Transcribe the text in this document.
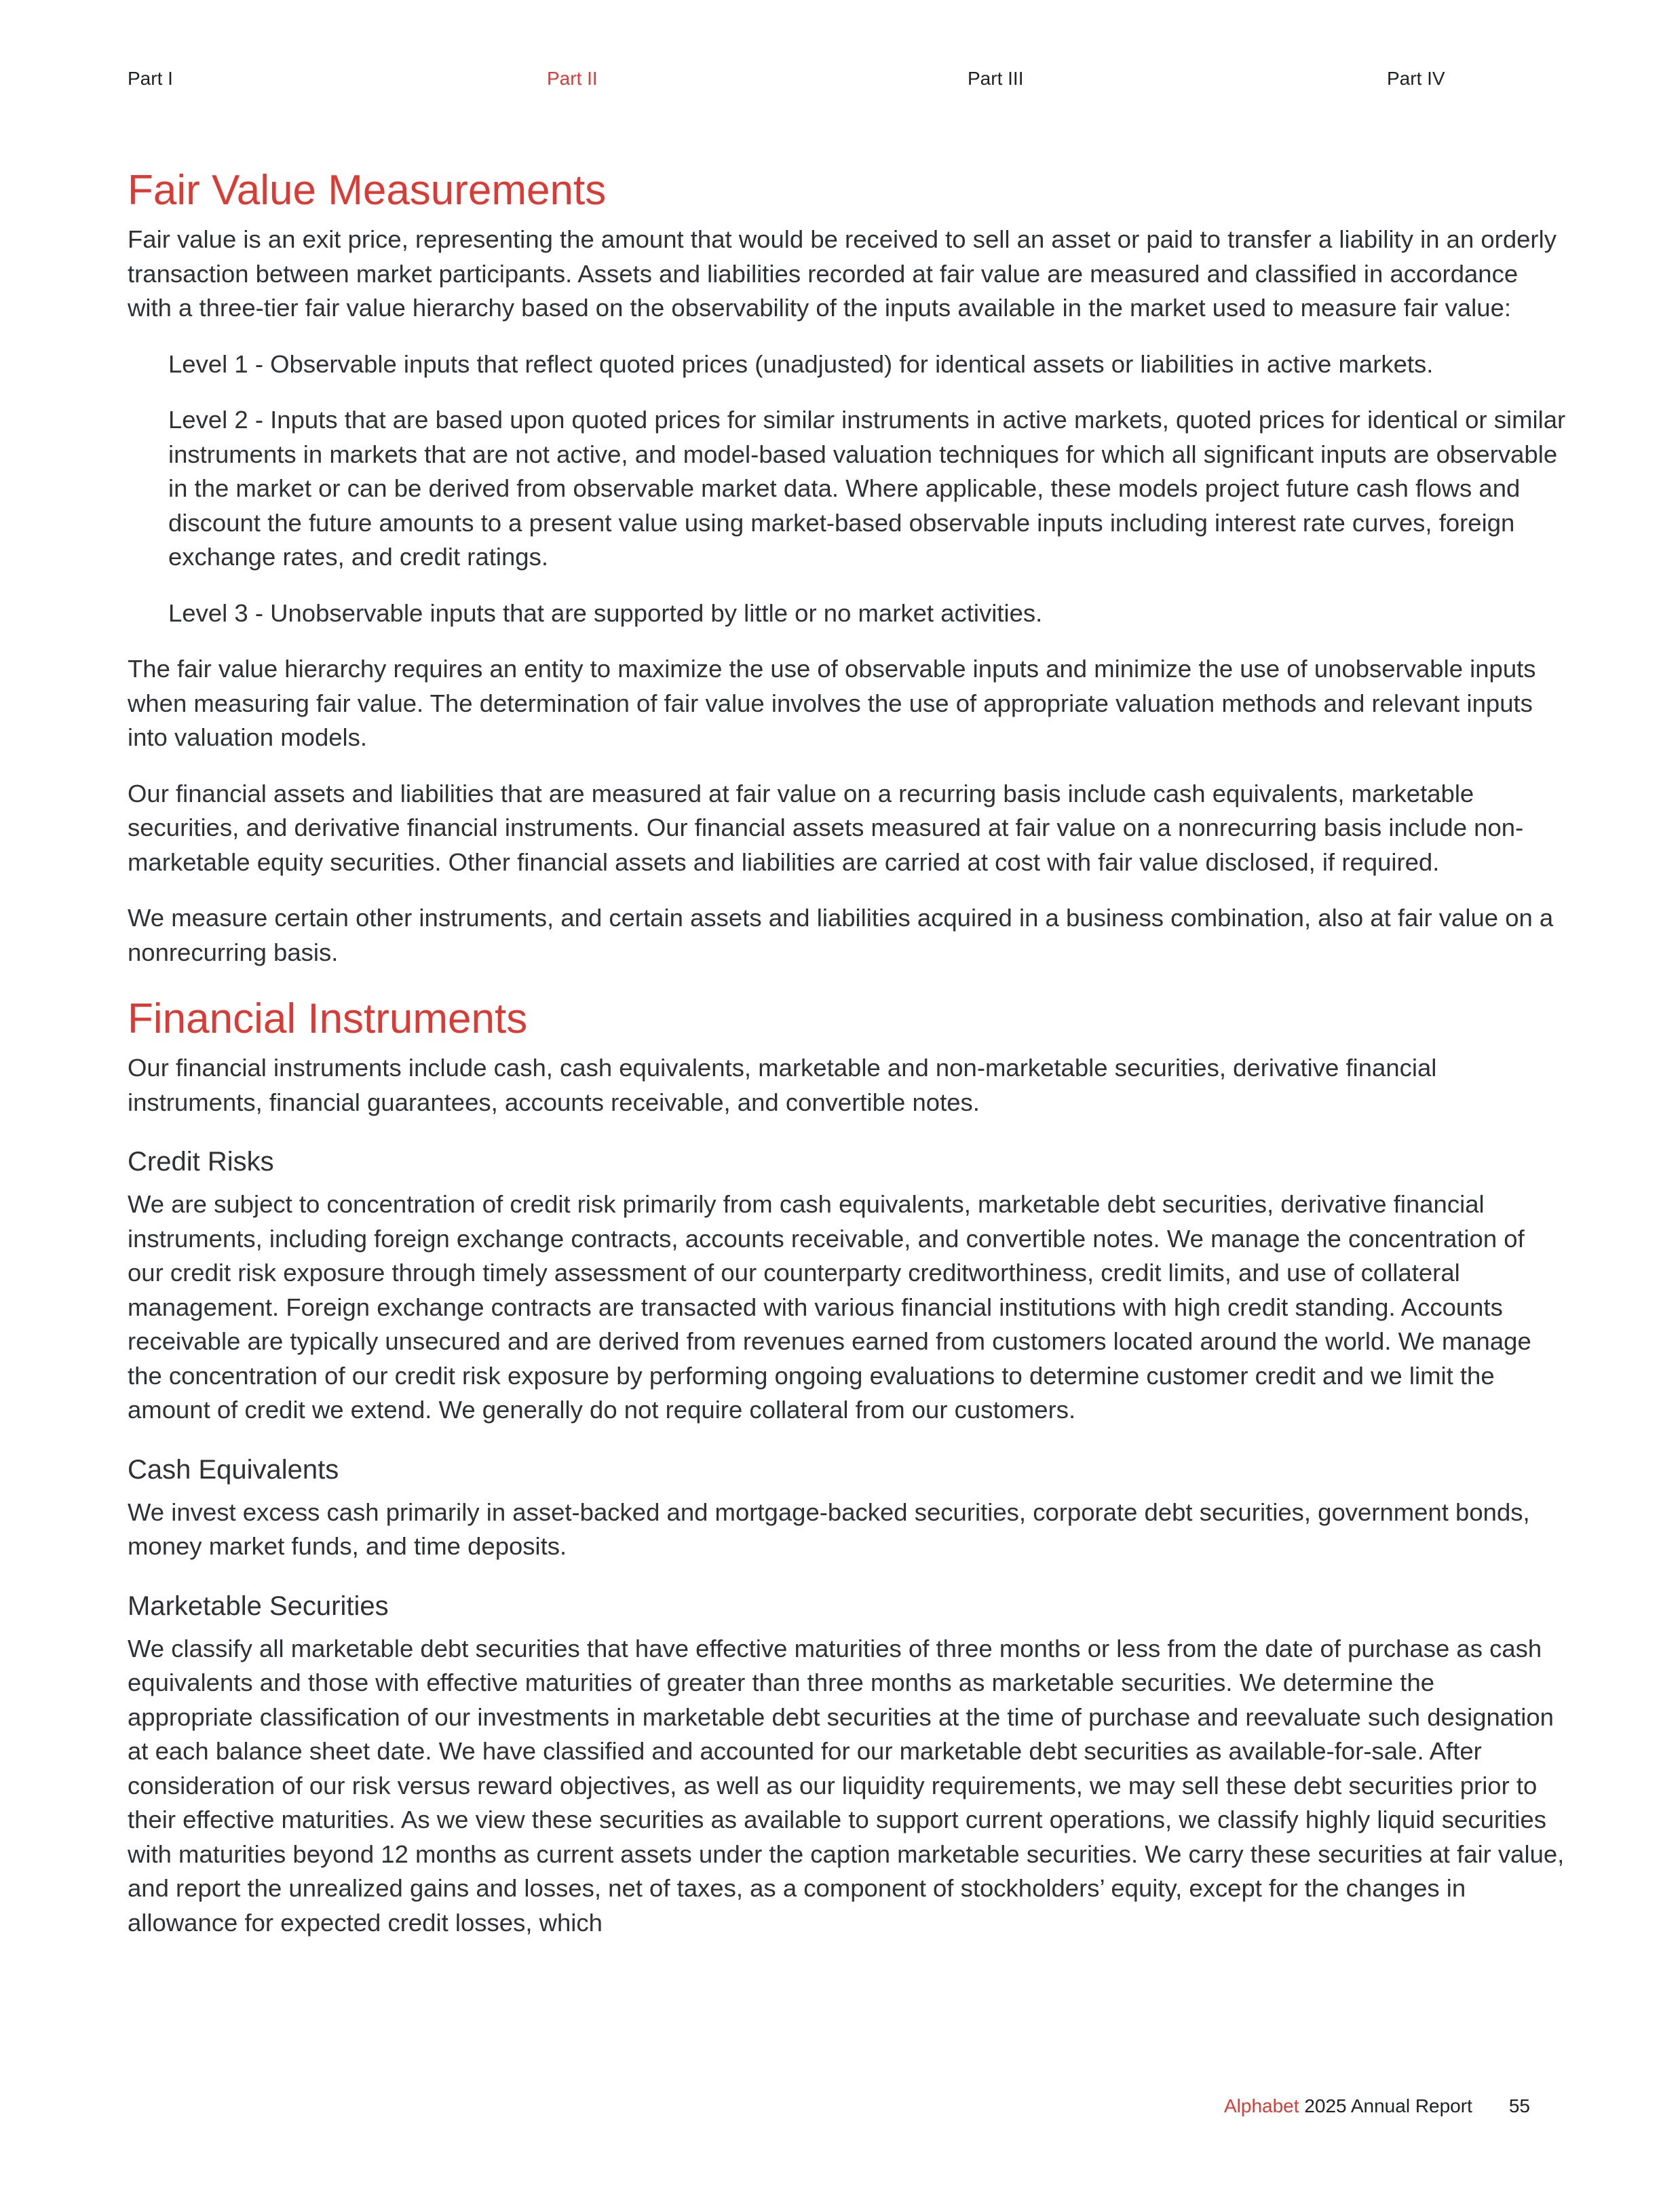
Part I	Part II	Part III	Part IV
Fair Value Measurements

Fair value is an exit price, representing the amount that would be received to sell an asset or paid to transfer a liability in an orderly transaction between market participants. Assets and liabilities recorded at fair value are measured and classified in accordance with a three-tier fair value hierarchy based on the observability of the inputs available in the market used to measure fair value:

Level 1 - Observable inputs that reflect quoted prices (unadjusted) for identical assets or liabilities in active markets.

Level 2 - Inputs that are based upon quoted prices for similar instruments in active markets, quoted prices for identical or similar instruments in markets that are not active, and model-based valuation techniques for which all significant inputs are observable in the market or can be derived from observable market data. Where applicable, these models project future cash flows and discount the future amounts to a present value using market-based observable inputs including interest rate curves, foreign exchange rates, and credit ratings.

Level 3 - Unobservable inputs that are supported by little or no market activities.

The fair value hierarchy requires an entity to maximize the use of observable inputs and minimize the use of unobservable inputs when measuring fair value. The determination of fair value involves the use of appropriate valuation methods and relevant inputs into valuation models.

Our financial assets and liabilities that are measured at fair value on a recurring basis include cash equivalents, marketable securities, and derivative financial instruments. Our financial assets measured at fair value on a nonrecurring basis include non-marketable equity securities. Other financial assets and liabilities are carried at cost with fair value disclosed, if required.

We measure certain other instruments, and certain assets and liabilities acquired in a business combination, also at fair value on a nonrecurring basis.

Financial Instruments

Our financial instruments include cash, cash equivalents, marketable and non-marketable securities, derivative financial instruments, financial guarantees, accounts receivable, and convertible notes.

Credit Risks

We are subject to concentration of credit risk primarily from cash equivalents, marketable debt securities, derivative financial instruments, including foreign exchange contracts, accounts receivable, and convertible notes. We manage the concentration of our credit risk exposure through timely assessment of our counterparty creditworthiness, credit limits, and use of collateral management. Foreign exchange contracts are transacted with various financial institutions with high credit standing. Accounts receivable are typically unsecured and are derived from revenues earned from customers located around the world. We manage the concentration of our credit risk exposure by performing ongoing evaluations to determine customer credit and we limit the amount of credit we extend. We generally do not require collateral from our customers.

Cash Equivalents

We invest excess cash primarily in asset-backed and mortgage-backed securities, corporate debt securities, government bonds, money market funds, and time deposits.

Marketable Securities

We classify all marketable debt securities that have effective maturities of three months or less from the date of purchase as cash equivalents and those with effective maturities of greater than three months as marketable securities. We determine the appropriate classification of our investments in marketable debt securities at the time of purchase and reevaluate such designation at each balance sheet date. We have classified and accounted for our marketable debt securities as available-for-sale. After consideration of our risk versus reward objectives, as well as our liquidity requirements, we may sell these debt securities prior to their effective maturities. As we view these securities as available to support current operations, we classify highly liquid securities with maturities beyond 12 months as current assets under the caption marketable securities. We carry these securities at fair value, and report the unrealized gains and losses, net of taxes, as a component of stockholders’ equity, except for the changes in allowance for expected credit losses, which

Alphabet 2025 Annual Report 55
